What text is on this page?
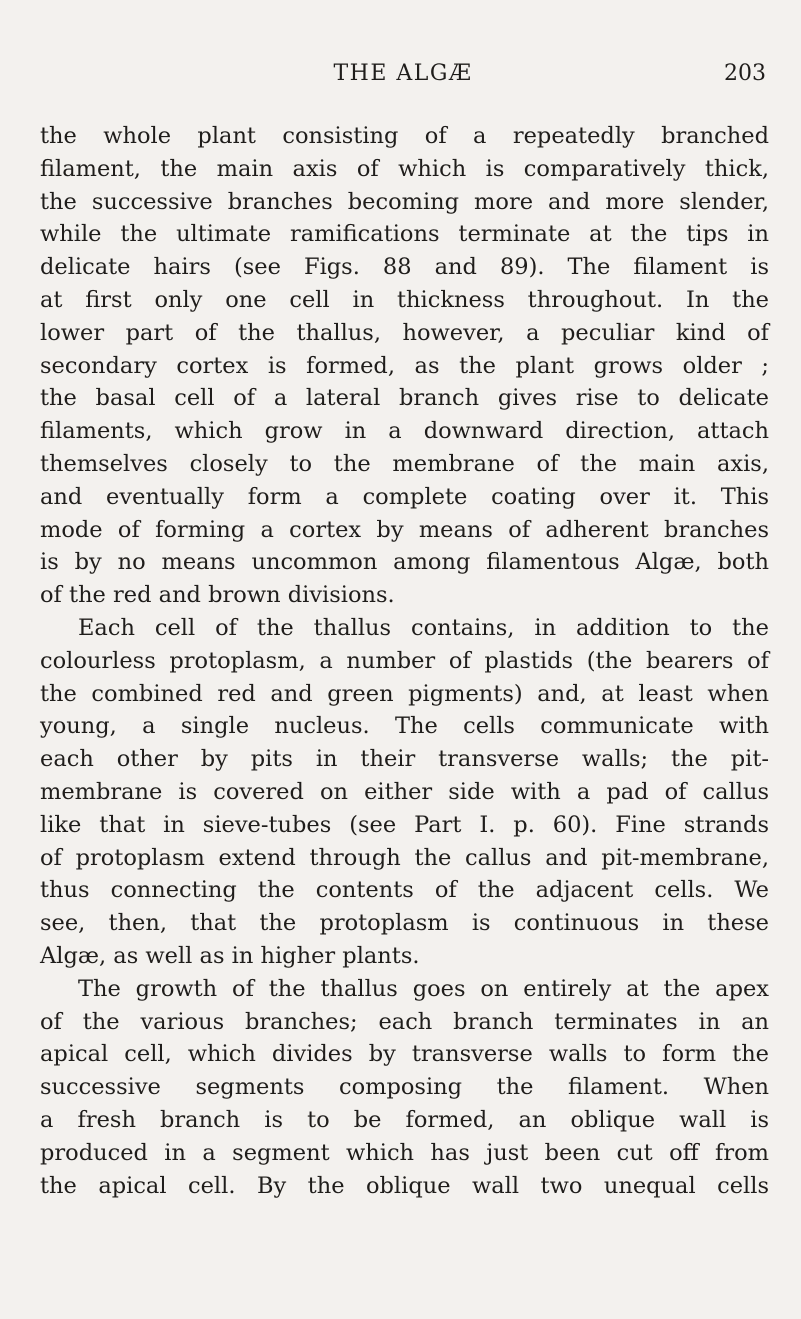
THE ALGÆ	203

the whole plant consisting of a repeatedly branched
filament, the main axis of which is comparatively thick,
the successive branches becoming more and more slender,
while the ultimate ramifications terminate at the tips in
delicate hairs (see Figs. 88 and 89). The filament is
at first only one cell in thickness throughout. In the
lower part of the thallus, however, a peculiar kind of
secondary cortex is formed, as the plant grows older ;
the basal cell of a lateral branch gives rise to delicate
filaments, which grow in a downward direction, attach
themselves closely to the membrane of the main axis,
and eventually form a complete coating over it. This
mode of forming a cortex by means of adherent branches
is by no means uncommon among filamentous Algæ, both
of the red and brown divisions.

Each cell of the thallus contains, in addition to the
colourless protoplasm, a number of plastids (the bearers of
the combined red and green pigments) and, at least when
young, a single nucleus. The cells communicate with
each other by pits in their transverse walls; the pit-
membrane is covered on either side with a pad of callus
like that in sieve-tubes (see Part I. p. 60). Fine strands
of protoplasm extend through the callus and pit-membrane,
thus connecting the contents of the adjacent cells. We
see, then, that the protoplasm is continuous in these
Algæ, as well as in higher plants.

The growth of the thallus goes on entirely at the apex
of the various branches; each branch terminates in an
apical cell, which divides by transverse walls to form the
successive segments composing the filament. When
a fresh branch is to be formed, an oblique wall is
produced in a segment which has just been cut off from
the apical cell. By the oblique wall two unequal cells
